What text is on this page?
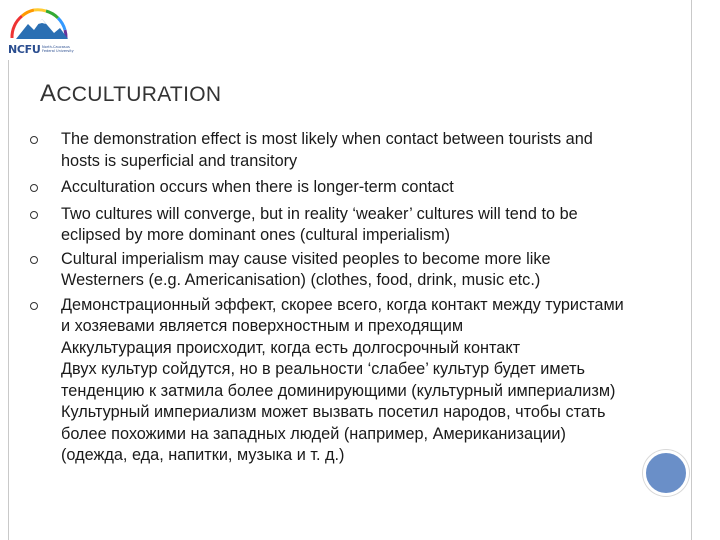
NCFU North-Caucasus Federal University
ACCULTURATION
The demonstration effect is most likely when contact between tourists and hosts is superficial and transitory
Acculturation occurs when there is longer-term contact
Two cultures will converge, but in reality ‘weaker’ cultures will tend to be eclipsed by more dominant ones (cultural imperialism)
Cultural imperialism may cause visited peoples to become more like Westerners (e.g. Americanisation) (clothes, food, drink, music etc.)
Демонстрационный эффект, скорее всего, когда контакт между туристами и хозяевами является поверхностным и преходящим
Аккультурация происходит, когда есть долгосрочный контакт
Двух культур сойдутся, но в реальности ‘слабее’ культур будет иметь тенденцию к затмила более доминирующими (культурный империализм)
Культурный империализм может вызвать посетил народов, чтобы стать более похожими на западных людей (например, Американизации) (одежда, еда, напитки, музыка и т. д.)
